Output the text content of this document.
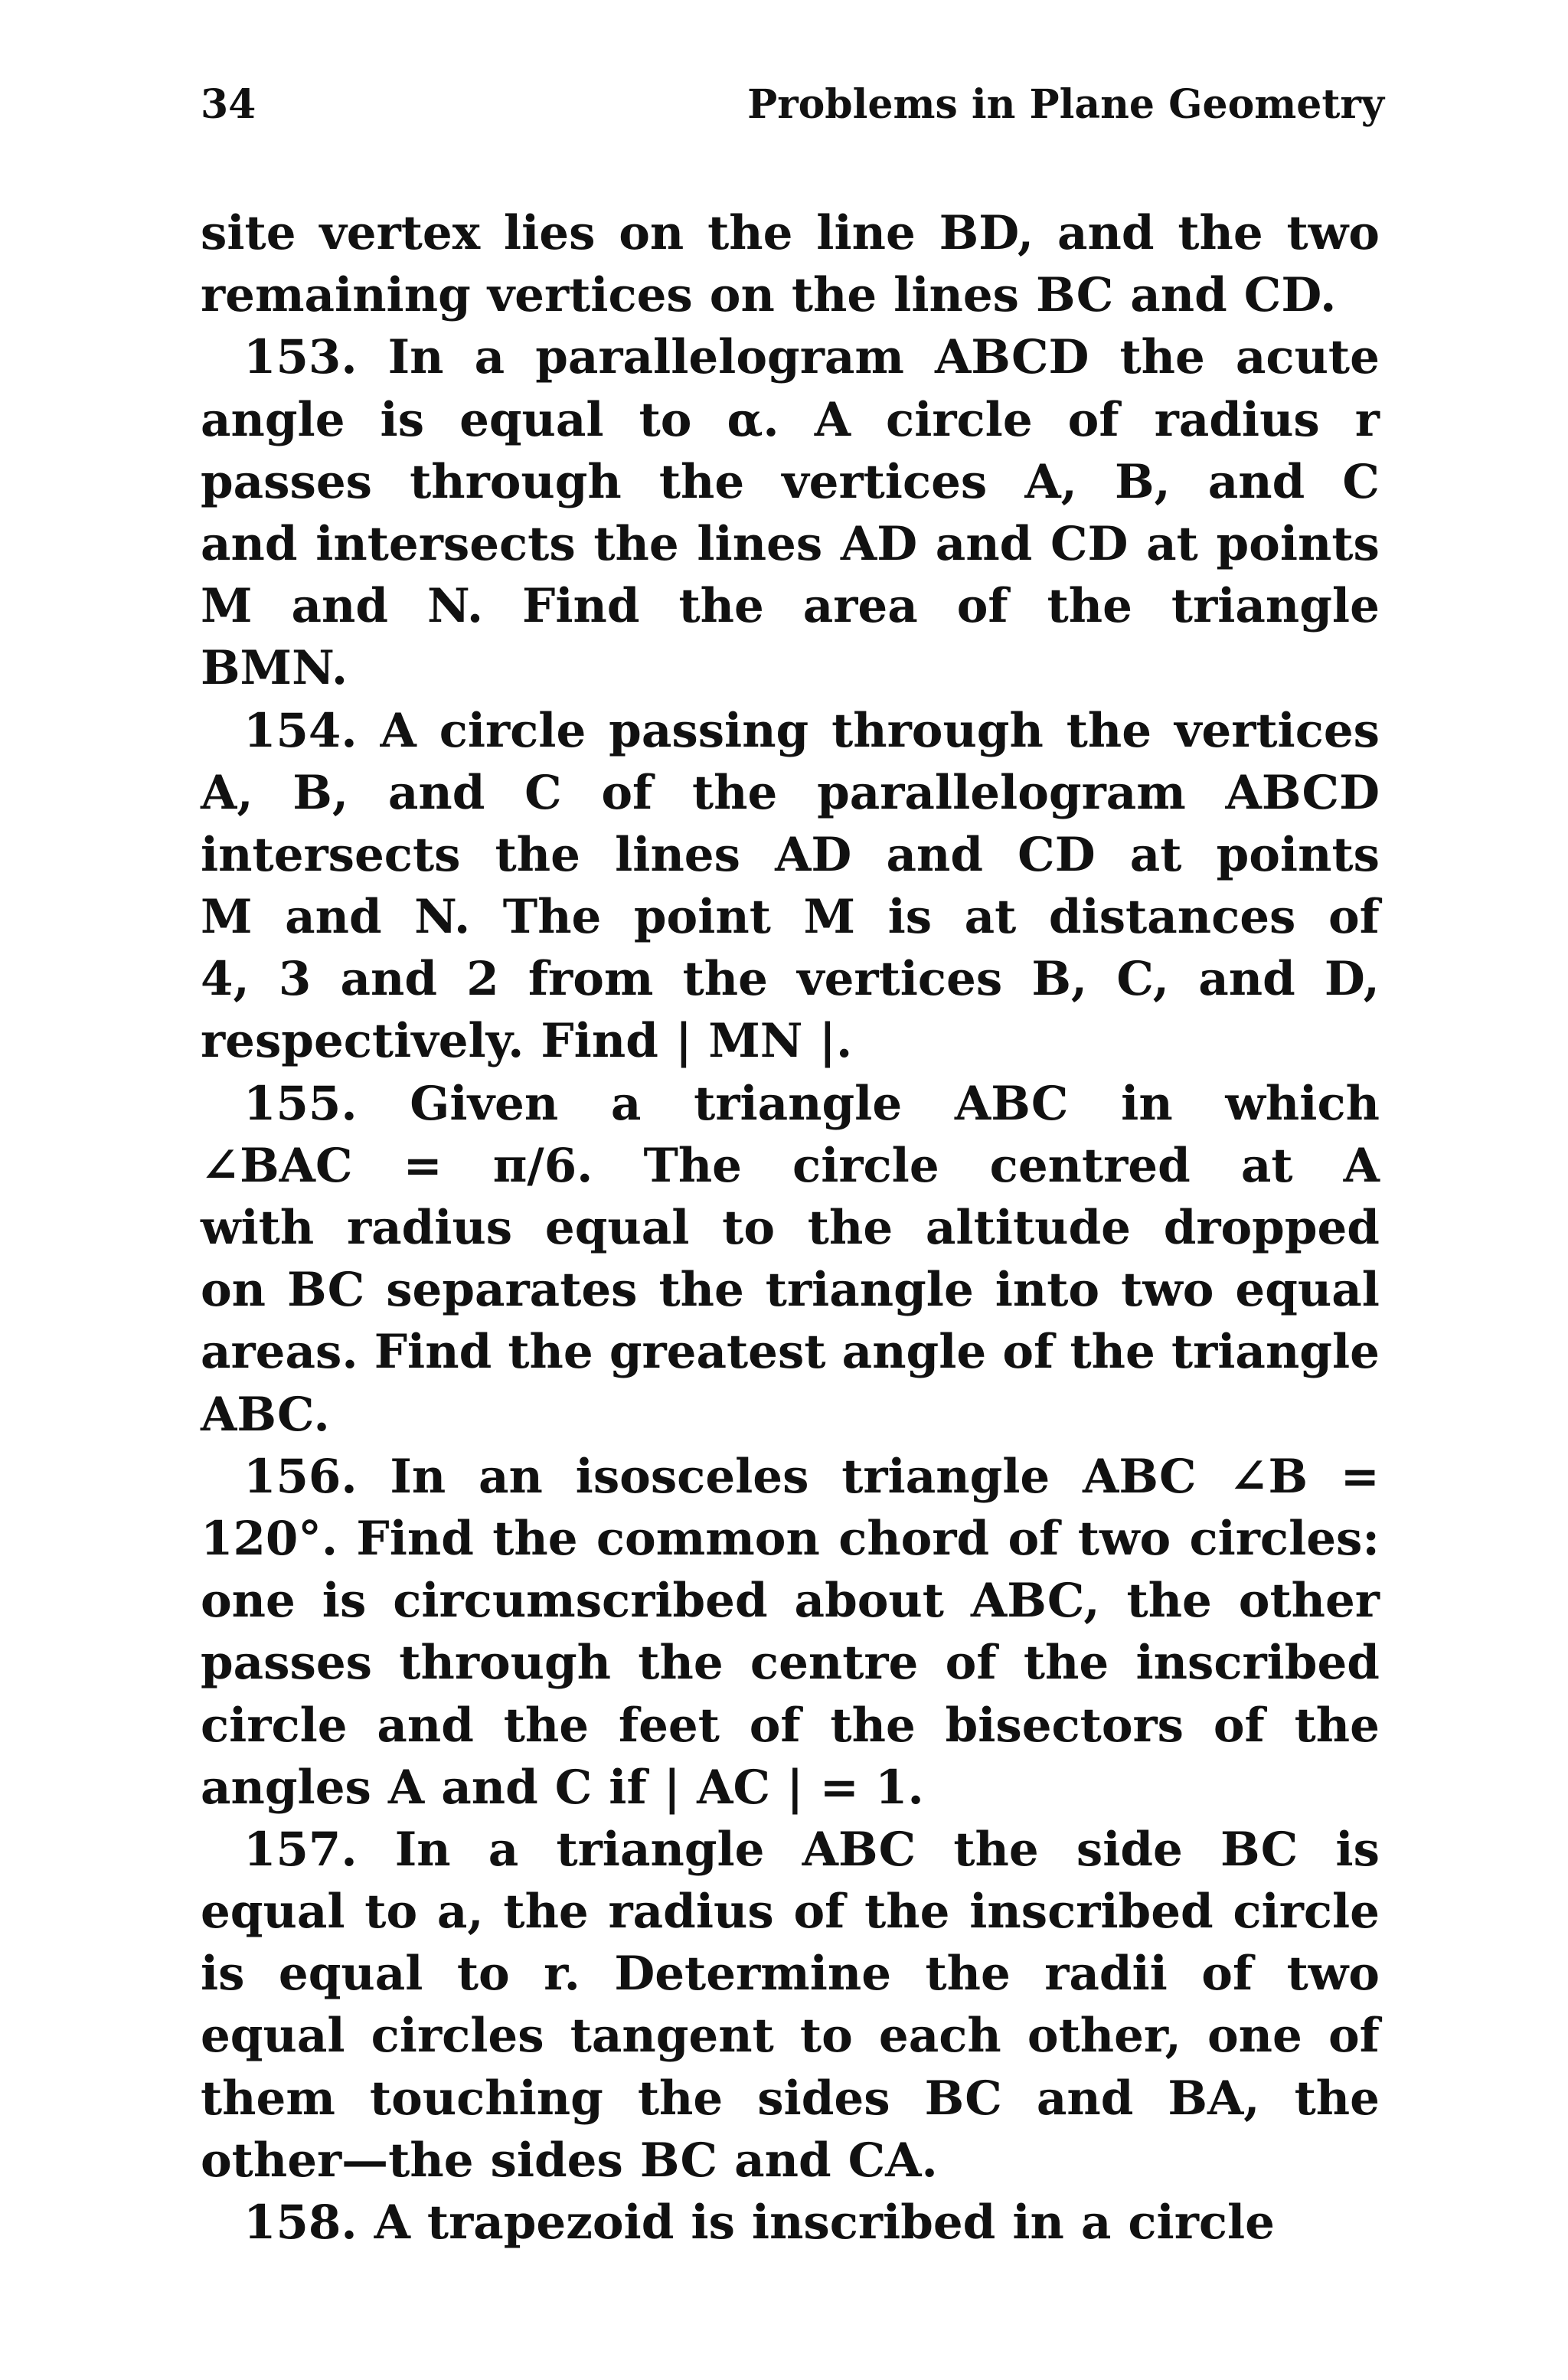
34	Problems in Plane Geometry
site vertex lies on the line BD, and the two
remaining vertices on the lines BC and CD.
153. In a parallelogram ABCD the acute
angle is equal to α. A circle of radius r
passes through the vertices A, B, and C
and intersects the lines AD and CD at points
M and N. Find the area of the triangle
BMN.
154. A circle passing through the vertices
A, B, and C of the parallelogram ABCD
intersects the lines AD and CD at points
M and N. The point M is at distances of
4, 3 and 2 from the vertices B, C, and D,
respectively. Find | MN |.
155. Given a triangle ABC in which
∠BAC = π/6. The circle centred at A
with radius equal to the altitude dropped
on BC separates the triangle into two equal
areas. Find the greatest angle of the triangle
ABC.
156. In an isosceles triangle ABC ∠B =
120°. Find the common chord of two circles:
one is circumscribed about ABC, the other
passes through the centre of the inscribed
circle and the feet of the bisectors of the
angles A and C if | AC | = 1.
157. In a triangle ABC the side BC is
equal to a, the radius of the inscribed circle
is equal to r. Determine the radii of two
equal circles tangent to each other, one of
them touching the sides BC and BA, the
other—the sides BC and CA.
158. A trapezoid is inscribed in a circle
